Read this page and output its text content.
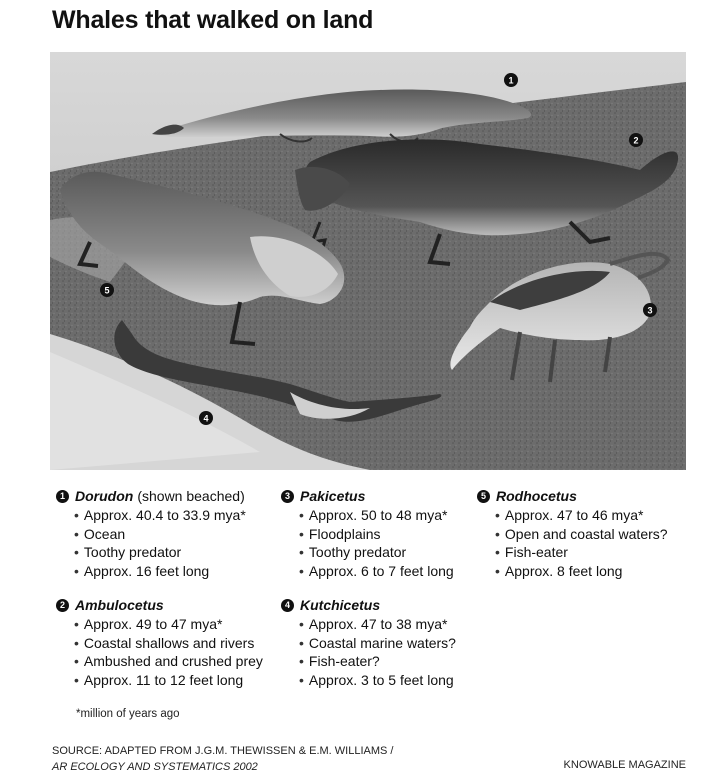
Whales that walked on land
1
2
3
4
5
1 Dorudon (shown beached)
• Approx. 40.4 to 33.9 mya*
• Ocean
• Toothy predator
• Approx. 16 feet long
2 Ambulocetus
• Approx. 49 to 47 mya*
• Coastal shallows and rivers
• Ambushed and crushed prey
• Approx. 11 to 12 feet long
3 Pakicetus
• Approx. 50 to 48 mya*
• Floodplains
• Toothy predator
• Approx. 6 to 7 feet long
4 Kutchicetus
• Approx. 47 to 38 mya*
• Coastal marine waters?
• Fish-eater?
• Approx. 3 to 5 feet long
5 Rodhocetus
• Approx. 47 to 46 mya*
• Open and coastal waters?
• Fish-eater
• Approx. 8 feet long
*million of years ago
SOURCE: ADAPTED FROM J.G.M. THEWISSEN & E.M. WILLIAMS /
AR ECOLOGY AND SYSTEMATICS 2002	KNOWABLE MAGAZINE
